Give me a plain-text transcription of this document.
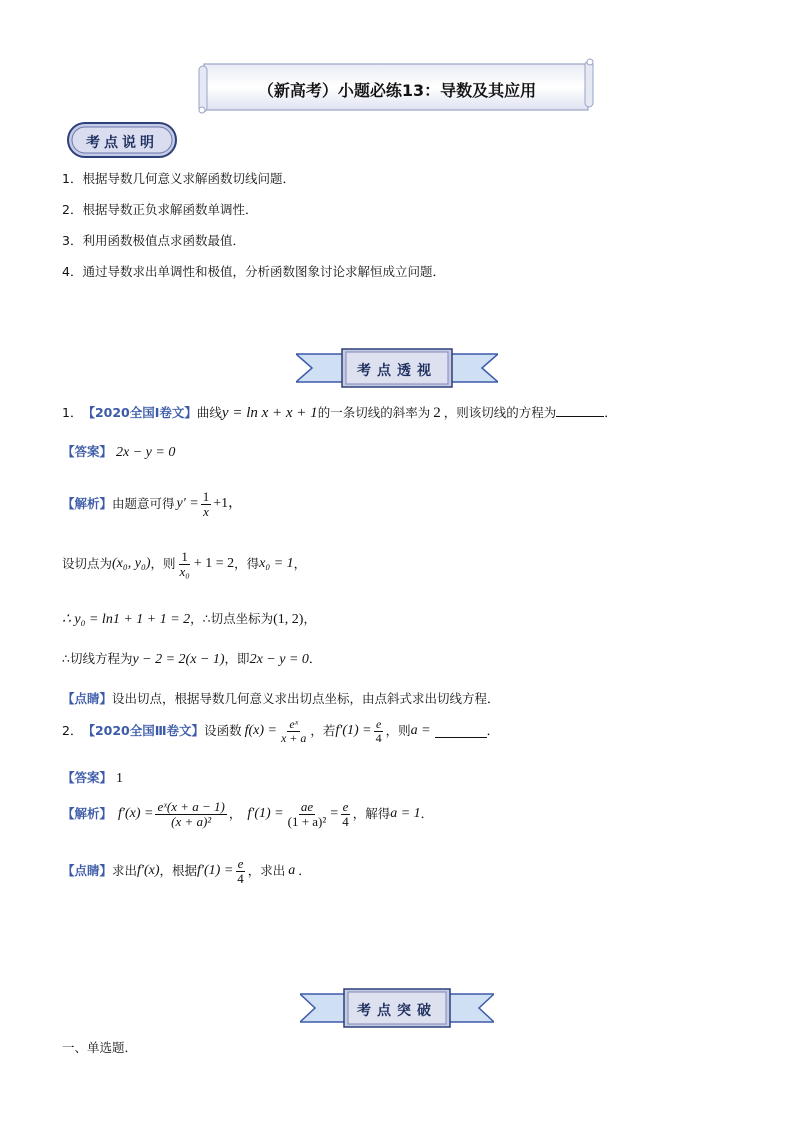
（新高考）小题必练13：导数及其应用
考点说明
1．根据导数几何意义求解函数切线问题．
2．根据导数正负求解函数单调性．
3．利用函数极值点求函数最值．
4．通过导数求出单调性和极值，分析函数图象讨论求解恒成立问题．
考点透视
1． 【2020全国Ⅰ卷文】 曲线 y = ln x + x + 1 的一条切线的斜率为 2 ，则该切线的方程为	．
【答案】 2x − y = 0
【解析】 由题意可得 $y' = \frac{1}{x} +1$，
设切点为 (x₀, y₀) ，则 $\frac{1}{\text{x₀}} + 1 = 2$ ，得 x₀ = 1 ，
∴ y₀ = ln1 + 1 + 1 = 2 ，∴切点坐标为 (1, 2) ，
∴切线方程为 y − 2 = 2(x − 1) ，即 2x − y = 0 ．
【点睛】设出切点，根据导数几何意义求出切点坐标，由点斜式求出切线方程．
2． 【2020全国Ⅲ卷文】 设函数 $f(x) = \frac{\text{eˣ}}{x + a}$ ，若 $f'(1) = \frac{e}{4}$ ，则 a =	．
【答案】 1
【解析】 $f'(x) = \frac{\text{eˣ(x + a − 1)}}{\text{(x + a)²}}$ ， $f'(1) = \frac{ae}{\text{(1 + a)²}} = \frac{e}{4}$ ，解得 a = 1 ．
【点睛】 求出 f′(x) ，根据 $f'(1) = \frac{e}{4}$ ，求出 a ．
考点突破
一、单选题．
